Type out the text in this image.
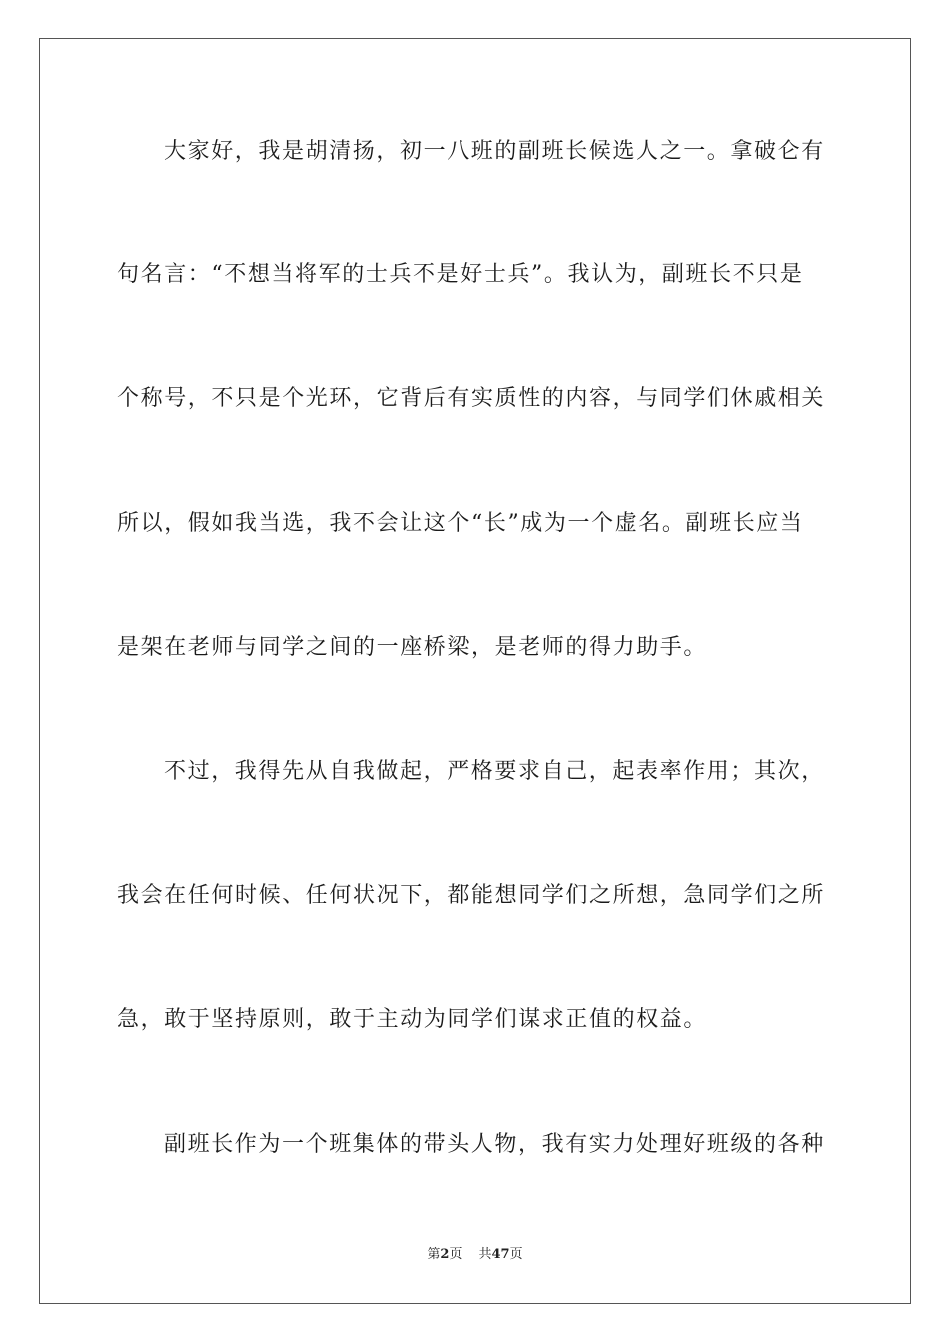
大家好，我是胡清扬，初一八班的副班长候选人之一。拿破仑有
句名言：“不想当将军的士兵不是好士兵”。我认为，副班长不只是
个称号，不只是个光环，它背后有实质性的内容，与同学们休戚相关
所以，假如我当选，我不会让这个“长”成为一个虚名。副班长应当
是架在老师与同学之间的一座桥梁，是老师的得力助手。
不过，我得先从自我做起，严格要求自己，起表率作用；其次，
我会在任何时候、任何状况下，都能想同学们之所想，急同学们之所
急，敢于坚持原则，敢于主动为同学们谋求正值的权益。
副班长作为一个班集体的带头人物，我有实力处理好班级的各种
第2页 共47页
